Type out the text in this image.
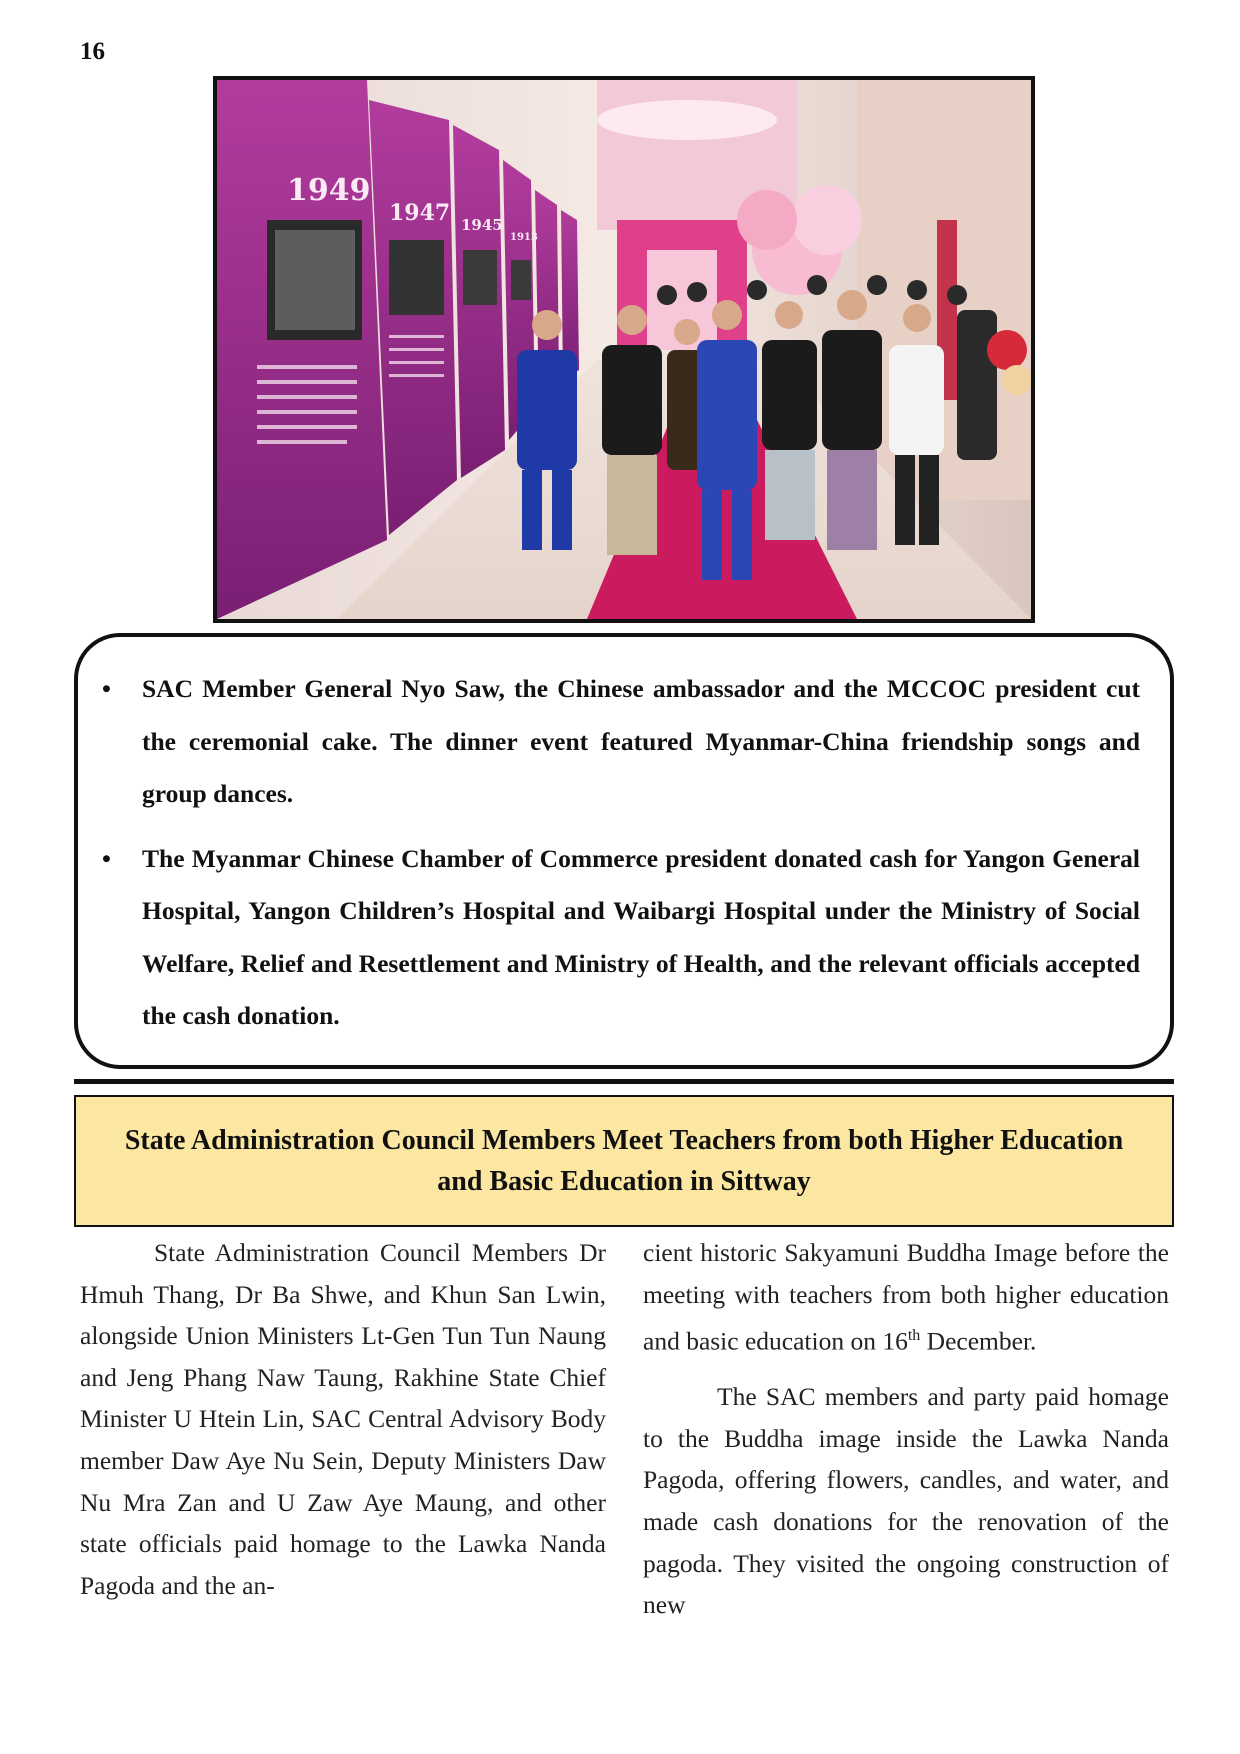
16
1949
1947 1945
1913
• SAC Member General Nyo Saw, the Chinese ambassador and the MCCOC president cut the ceremonial cake. The dinner event featured Myanmar-China friendship songs and group dances.
• The Myanmar Chinese Chamber of Commerce president donated cash for Yangon General Hospital, Yangon Children’s Hospital and Waibargi Hospital under the Ministry of Social Welfare, Relief and Resettlement and Ministry of Health, and the relevant officials accepted the cash donation.
State Administration Council Members Meet Teachers from both Higher Education and Basic Education in Sittway

State Administration Council Members Dr Hmuh Thang, Dr Ba Shwe, and Khun San Lwin, alongside Union Ministers Lt-Gen Tun Tun Naung and Jeng Phang Naw Taung, Rakhine State Chief Minister U Htein Lin, SAC Central Advisory Body member Daw Aye Nu Sein, Deputy Ministers Daw Nu Mra Zan and U Zaw Aye Maung, and other state officials paid homage to the Lawka Nanda Pagoda and the an-

cient historic Sakyamuni Buddha Image before the meeting with teachers from both higher education and basic education on 16th December.

The SAC members and party paid homage to the Buddha image inside the Lawka Nanda Pagoda, offering flowers, candles, and water, and made cash donations for the renovation of the pagoda. They visited the ongoing construction of new
